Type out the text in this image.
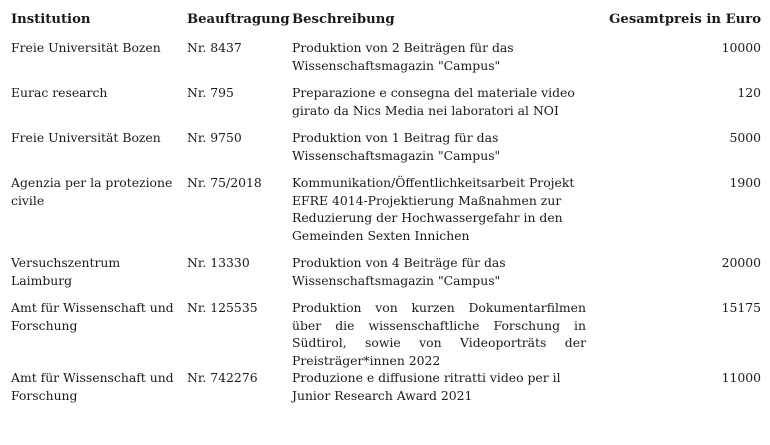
Institution	Beauftragung	Beschreibung	Gesamtpreis in Euro
Freie Universität Bozen	Nr. 8437	Produktion von 2 Beiträgen für das Wissenschaftsmagazin "Campus"	10000
Eurac research	Nr. 795	Preparazione e consegna del materiale video girato da Nics Media nei laboratori al NOI	120
Freie Universität Bozen	Nr. 9750	Produktion von 1 Beitrag für das Wissenschaftsmagazin "Campus"	5000
Agenzia per la protezione civile	Nr. 75/2018	Kommunikation/Öffentlichkeitsarbeit Projekt EFRE 4014-Projektierung Maßnahmen zur Reduzierung der Hochwassergefahr in den Gemeinden Sexten Innichen	1900
Versuchszentrum Laimburg	Nr. 13330	Produktion von 4 Beiträge für das Wissenschaftsmagazin "Campus"	20000
Amt für Wissenschaft und Forschung	Nr. 125535	Produktion von kurzen Dokumentarfilmen über die wissenschaftliche Forschung in Südtirol, sowie von Videoporträts der Preisträger*innen 2022	15175
Amt für Wissenschaft und Forschung	Nr. 742276	Produzione e diffusione ritratti video per il Junior Research Award 2021	11000
